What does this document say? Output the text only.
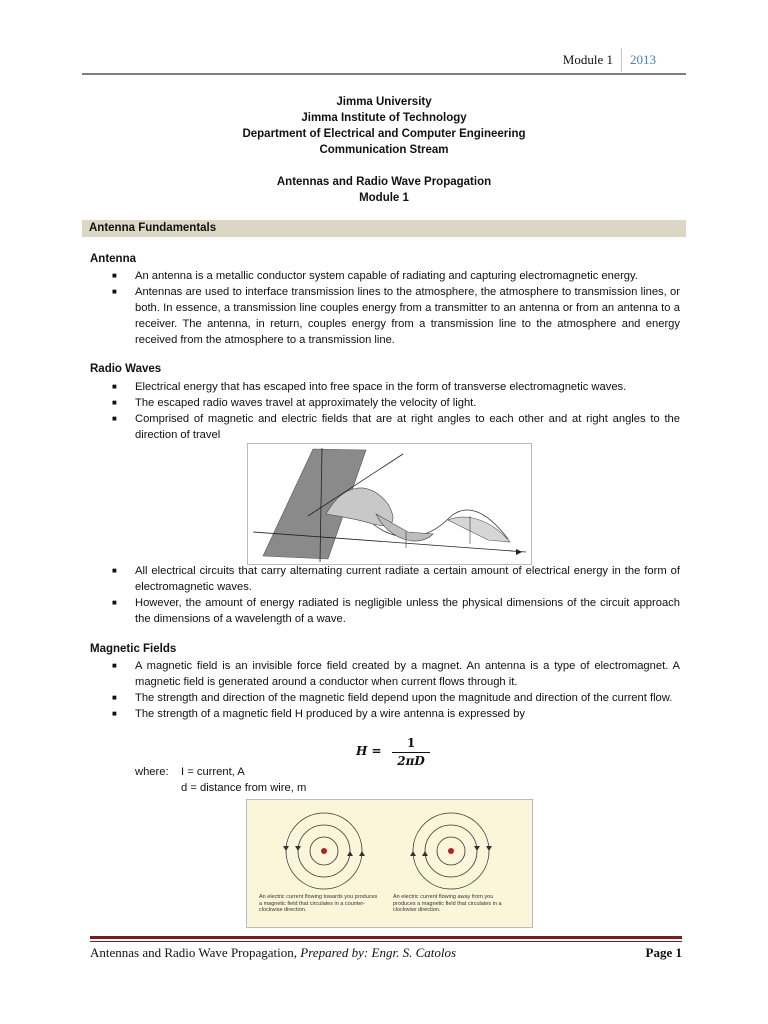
Module 1	2013
Jimma University
Jimma Institute of Technology
Department of Electrical and Computer Engineering
Communication Stream
Antennas and Radio Wave Propagation
Module 1
Antenna Fundamentals
Antenna
■ An antenna is a metallic conductor system capable of radiating and capturing electromagnetic energy.
■ Antennas are used to interface transmission lines to the atmosphere, the atmosphere to transmission lines, or both. In essence, a transmission line couples energy from a transmitter to an antenna or from an antenna to a receiver. The antenna, in return, couples energy from a transmission line to the atmosphere and energy received from the atmosphere to a transmission line.
Radio Waves
■ Electrical energy that has escaped into free space in the form of transverse electromagnetic waves.
■ The escaped radio waves travel at approximately the velocity of light.
■ Comprised of magnetic and electric fields that are at right angles to each other and at right angles to the direction of travel
■ All electrical circuits that carry alternating current radiate a certain amount of electrical energy in the form of electromagnetic waves.
■ However, the amount of energy radiated is negligible unless the physical dimensions of the circuit approach the dimensions of a wavelength of a wave.
Magnetic Fields
■ A magnetic field is an invisible force field created by a magnet. An antenna is a type of electromagnet. A magnetic field is generated around a conductor when current flows through it.
■ The strength and direction of the magnetic field depend upon the magnitude and direction of the current flow.
■ The strength of a magnetic field H produced by a wire antenna is expressed by
H =
1
2πD
where: I = current, A
d = distance from wire, m
An electric current flowing towards you produces a magnetic field that circulates in a counter-clockwise direction.
An electric current flowing away from you produces a magnetic field that circulates in a clockwise direction.
Antennas and Radio Wave Propagation, Prepared by: Engr. S. Catolos	Page 1
